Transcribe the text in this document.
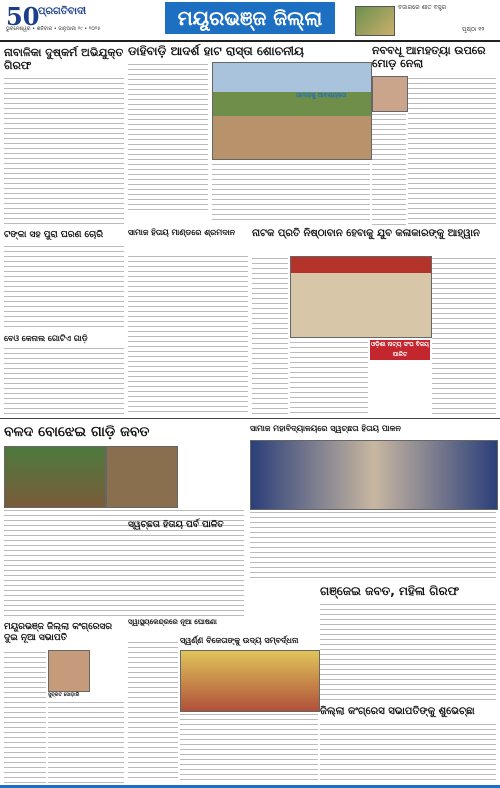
50
ପ୍ରଗତିବାଦୀ
ଭୁବନେଶ୍ୱର • ଶନିବାର • ଜାନୁଆରୀ ୨୯ • ୨୦୨୫	ମୟୂରଭଞ୍ଜ ଜିଲ୍ଲା	ବଜାରରେ ଶୀତ ବସ୍ତ୍ର
ପୃଷ୍ଠା ୧୨
ନାବାଳିକା ଦୁଷ୍କର୍ମ ଅଭିଯୁକ୍ତ ଗିରଫ
ଡାହିବାଡ଼ି ଆଦର୍ଶ ହାଟ ରାସ୍ତା ଶୋଚନୀୟ	ନବବଧୂ ଆମହତ୍ୟା ଉପରେ ମୋଡ଼ ନେଲା
ସାମାଜକୁ ଆବଶ୍ୟକତା
ଟଙ୍କା ସହ ପୁରା ଘରଣ ଚୋରି	ସାମାଜ ହିତାୟ ମାଣ୍ଡରେ ଶ୍ରମଦାନ	ନାଟକ ପ୍ରତି ନିଷ୍ଠାବାନ ହେବାକୁ ଯୁବ କଳାକାରଙ୍କୁ ଆହ୍ୱାନ
ଓଡ଼ିଶା ନାଟ୍ୟ ସଂଘ ବିଜୟ ପାଳିତ
ବେଓ କେନାଲ ଗୋଟିଏ ଗାଡ଼ି
ବଳଦ ବୋଝେଇ ଗାଡ଼ି ଜବତ	ସାମାଜ ମହାବିଦ୍ୟାଳୟରେ ସ୍ୱଚ୍ଛତା ହିତାୟ ପାଳନ
ସ୍ୱଚ୍ଛତା ହିତାୟ ପର୍ବ ପାଳିତ
ଗଞ୍ଜେଇ ଜବତ, ମହିଳା ଗିରଫ
ମୟୂରଭଞ୍ଜ ଜିଲ୍ଲା କଂଗ୍ରେସର ଦୁଇ ନୂଆ ସଭାପତି
ସୁବ୍ରତ ସୋଡ଼ାରି
ସ୍ୱାସ୍ଥ୍ୟକେନ୍ଦ୍ରରେ ନୂଆ ଘୋଷଣା
ସ୍ୱର୍ଣ୍ଣ ବିଜେତାଙ୍କୁ ଉଦ୍ୟ ସମ୍ବର୍ଦ୍ଧନା
ଜିଲ୍ଲା କଂଗ୍ରେସ ସଭାପତିଙ୍କୁ ଶୁଭେଚ୍ଛା
